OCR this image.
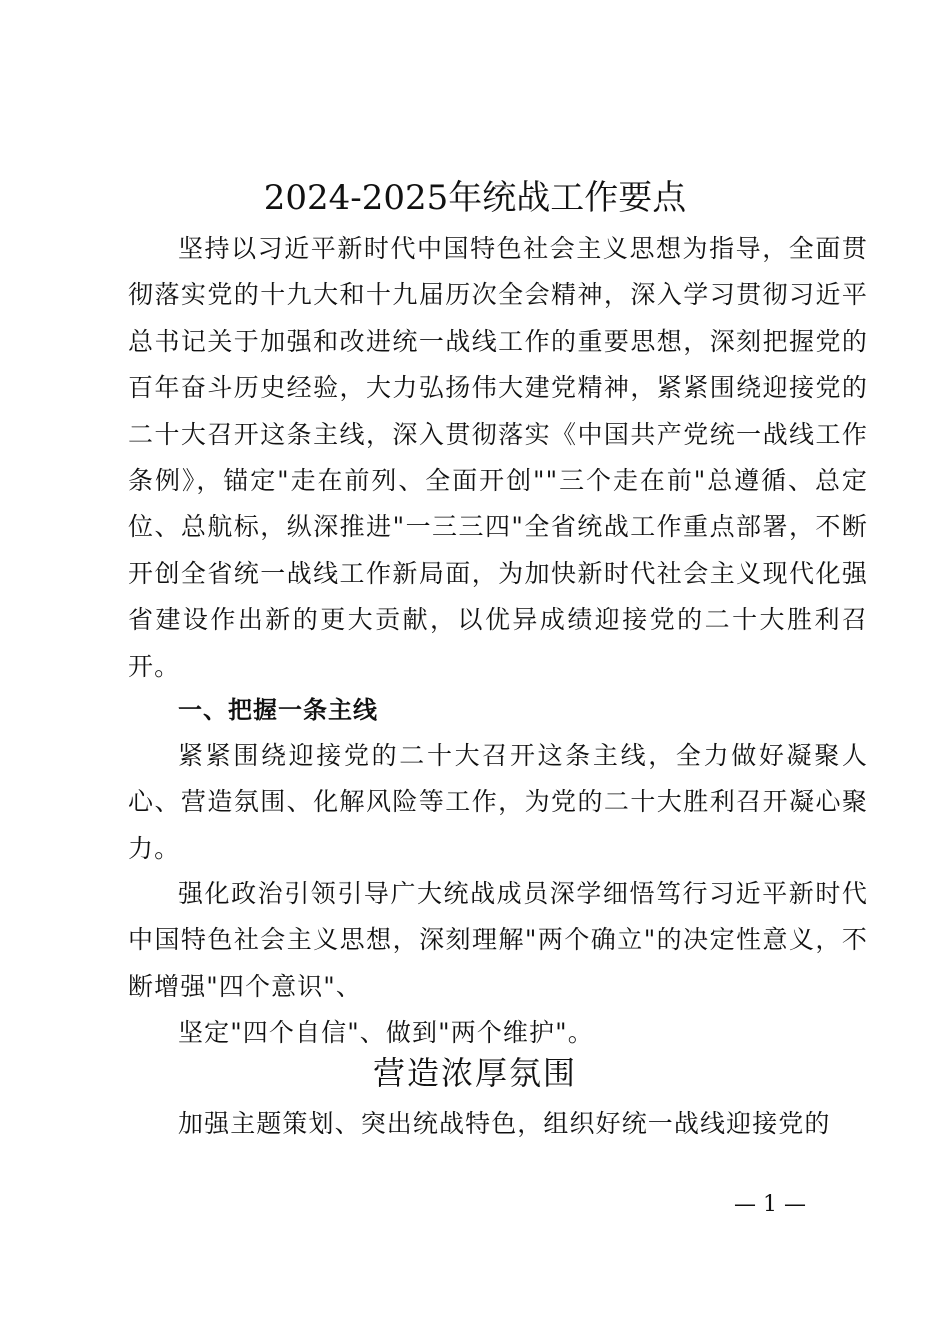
2024-2025年统战工作要点

坚持以习近平新时代中国特色社会主义思想为指导，全面贯彻落实党的十九大和十九届历次全会精神，深入学习贯彻习近平总书记关于加强和改进统一战线工作的重要思想，深刻把握党的百年奋斗历史经验，大力弘扬伟大建党精神，紧紧围绕迎接党的二十大召开这条主线，深入贯彻落实《中国共产党统一战线工作条例》，锚定"走在前列、全面开创""三个走在前"总遵循、总定位、总航标，纵深推进"一三三四"全省统战工作重点部署，不断开创全省统一战线工作新局面，为加快新时代社会主义现代化强省建设作出新的更大贡献，以优异成绩迎接党的二十大胜利召开。

一、把握一条主线

紧紧围绕迎接党的二十大召开这条主线，全力做好凝聚人心、营造氛围、化解风险等工作，为党的二十大胜利召开凝心聚力。

强化政治引领引导广大统战成员深学细悟笃行习近平新时代中国特色社会主义思想，深刻理解"两个确立"的决定性意义，不断增强"四个意识"、

坚定"四个自信"、做到"两个维护"。

营造浓厚氛围

加强主题策划、突出统战特色，组织好统一战线迎接党的

— 1 —
